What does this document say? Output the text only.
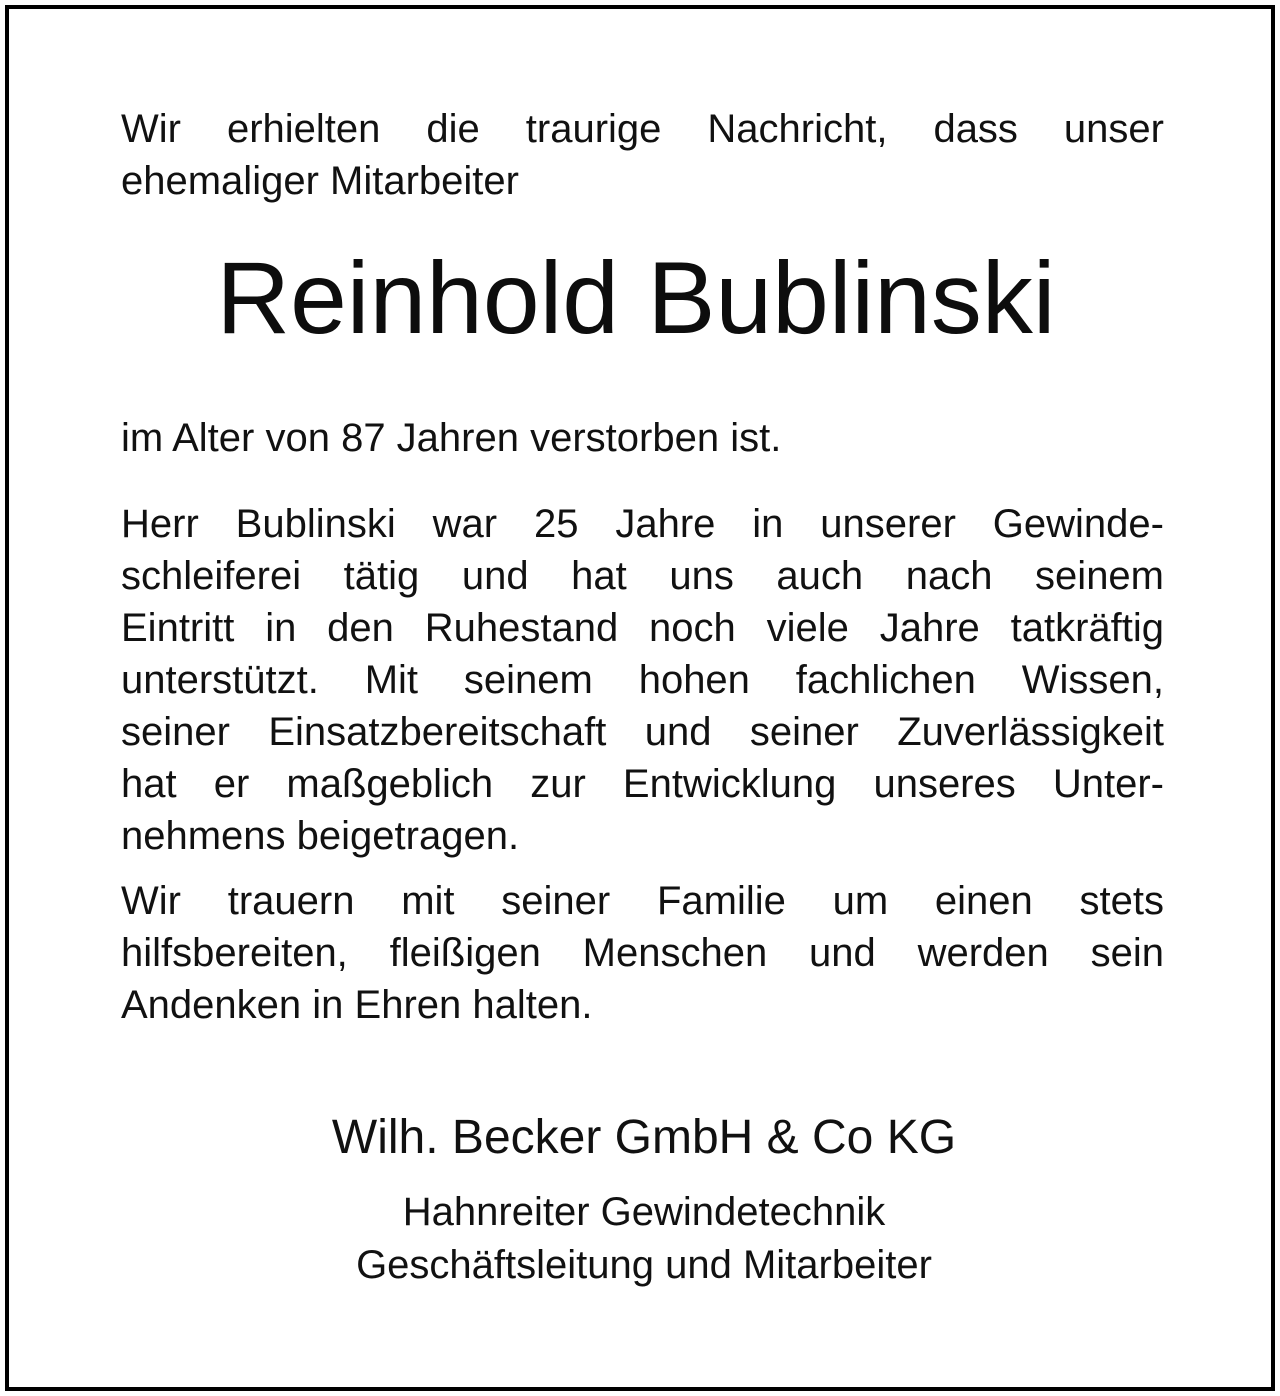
Wir erhielten die traurige Nachricht, dass unser
ehemaliger Mitarbeiter
Reinhold Bublinski
im Alter von 87 Jahren verstorben ist.
Herr Bublinski war 25 Jahre in unserer Gewinde-
schleiferei tätig und hat uns auch nach seinem
Eintritt in den Ruhestand noch viele Jahre tatkräftig
unterstützt. Mit seinem hohen fachlichen Wissen,
seiner Einsatzbereitschaft und seiner Zuverlässigkeit
hat er maßgeblich zur Entwicklung unseres Unter-
nehmens beigetragen.
Wir trauern mit seiner Familie um einen stets
hilfsbereiten, fleißigen Menschen und werden sein
Andenken in Ehren halten.
Wilh. Becker GmbH & Co KG
Hahnreiter Gewindetechnik
Geschäftsleitung und Mitarbeiter
